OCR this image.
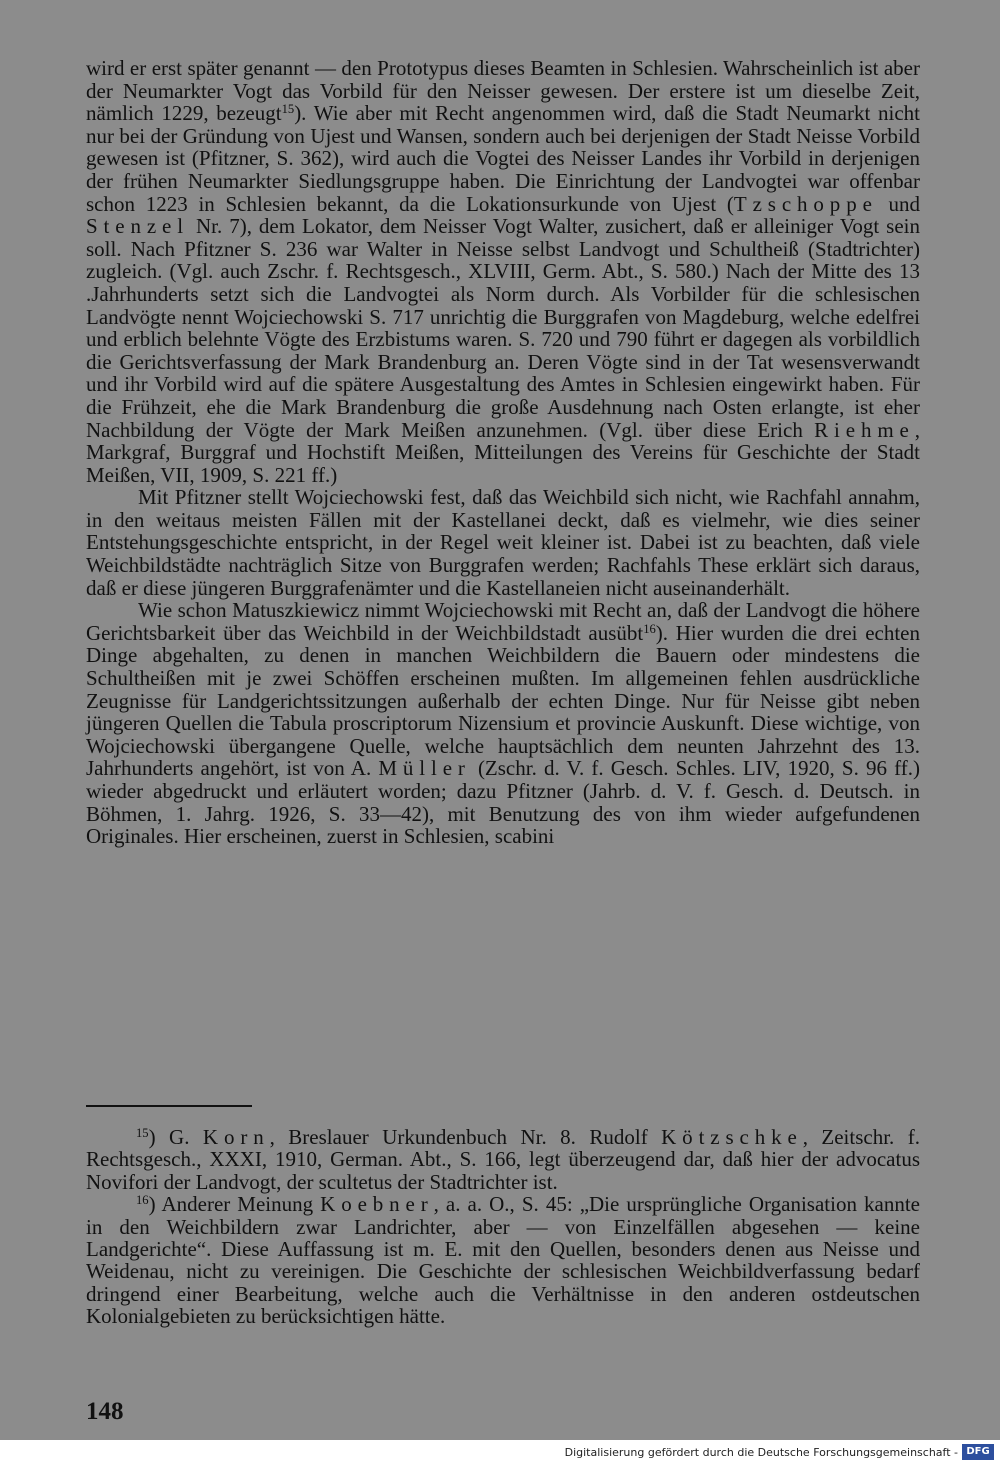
wird er erst später genannt — den Prototypus dieses Beamten in Schlesien. Wahrscheinlich ist aber der Neumarkter Vogt das Vorbild für den Neisser gewesen. Der erstere ist um dieselbe Zeit, nämlich 1229, bezeugt$^{15}$). Wie aber mit Recht angenommen wird, daß die Stadt Neumarkt nicht nur bei der Gründung von Ujest und Wansen, sondern auch bei derjenigen der Stadt Neisse Vorbild gewesen ist (Pfitzner, S. 362), wird auch die Vogtei des Neisser Landes ihr Vorbild in derjenigen der frühen Neumarkter Siedlungsgruppe haben. Die Einrichtung der Landvogtei war offenbar schon 1223 in Schlesien bekannt, da die Lokationsurkunde von Ujest (Tzschoppe und Stenzel Nr. 7), dem Lokator, dem Neisser Vogt Walter, zusichert, daß er alleiniger Vogt sein soll. Nach Pfitzner S. 236 war Walter in Neisse selbst Landvogt und Schultheiß (Stadtrichter) zugleich. (Vgl. auch Zschr. f. Rechtsgesch., XLVIII, Germ. Abt., S. 580.) Nach der Mitte des 13 .Jahrhunderts setzt sich die Landvogtei als Norm durch. Als Vorbilder für die schlesischen Landvögte nennt Wojciechowski S. 717 unrichtig die Burggrafen von Magdeburg, welche edelfrei und erblich belehnte Vögte des Erzbistums waren. S. 720 und 790 führt er dagegen als vorbildlich die Gerichtsverfassung der Mark Brandenburg an. Deren Vögte sind in der Tat wesensverwandt und ihr Vorbild wird auf die spätere Ausgestaltung des Amtes in Schlesien eingewirkt haben. Für die Frühzeit, ehe die Mark Brandenburg die große Ausdehnung nach Osten erlangte, ist eher Nachbildung der Vögte der Mark Meißen anzunehmen. (Vgl. über diese Erich Riehme, Markgraf, Burggraf und Hochstift Meißen, Mitteilungen des Vereins für Geschichte der Stadt Meißen, VII, 1909, S. 221 ff.)

Mit Pfitzner stellt Wojciechowski fest, daß das Weichbild sich nicht, wie Rachfahl annahm, in den weitaus meisten Fällen mit der Kastellanei deckt, daß es vielmehr, wie dies seiner Entstehungsgeschichte entspricht, in der Regel weit kleiner ist. Dabei ist zu beachten, daß viele Weichbildstädte nachträglich Sitze von Burggrafen werden; Rachfahls These erklärt sich daraus, daß er diese jüngeren Burggrafenämter und die Kastellaneien nicht auseinanderhält.

Wie schon Matuszkiewicz nimmt Wojciechowski mit Recht an, daß der Landvogt die höhere Gerichtsbarkeit über das Weichbild in der Weichbildstadt ausübt$^{16}$). Hier wurden die drei echten Dinge abgehalten, zu denen in manchen Weichbildern die Bauern oder mindestens die Schultheißen mit je zwei Schöffen erscheinen mußten. Im allgemeinen fehlen ausdrückliche Zeugnisse für Landgerichtssitzungen außerhalb der echten Dinge. Nur für Neisse gibt neben jüngeren Quellen die Tabula proscriptorum Nizensium et provincie Auskunft. Diese wichtige, von Wojciechowski übergangene Quelle, welche hauptsächlich dem neunten Jahrzehnt des 13. Jahrhunderts angehört, ist von A. Müller (Zschr. d. V. f. Gesch. Schles. LIV, 1920, S. 96 ff.) wieder abgedruckt und erläutert worden; dazu Pfitzner (Jahrb. d. V. f. Gesch. d. Deutsch. in Böhmen, 1. Jahrg. 1926, S. 33—42), mit Benutzung des von ihm wieder aufgefundenen Originales. Hier erscheinen, zuerst in Schlesien, scabini

$^{15}$) G. Korn, Breslauer Urkundenbuch Nr. 8. Rudolf Kötzschke, Zeitschr. f. Rechtsgesch., XXXI, 1910, German. Abt., S. 166, legt überzeugend dar, daß hier der advocatus Novifori der Landvogt, der scultetus der Stadtrichter ist.

$^{16}$) Anderer Meinung Koebner, a. a. O., S. 45: „Die ursprüngliche Organisation kannte in den Weichbildern zwar Landrichter, aber — von Einzelfällen abgesehen — keine Landgerichte“. Diese Auffassung ist m. E. mit den Quellen, besonders denen aus Neisse und Weidenau, nicht zu vereinigen. Die Geschichte der schlesischen Weichbildverfassung bedarf dringend einer Bearbeitung, welche auch die Verhältnisse in den anderen ostdeutschen Kolonialgebieten zu berücksichtigen hätte.

148
Digitalisierung gefördert durch die Deutsche Forschungsgemeinschaft - DFG
